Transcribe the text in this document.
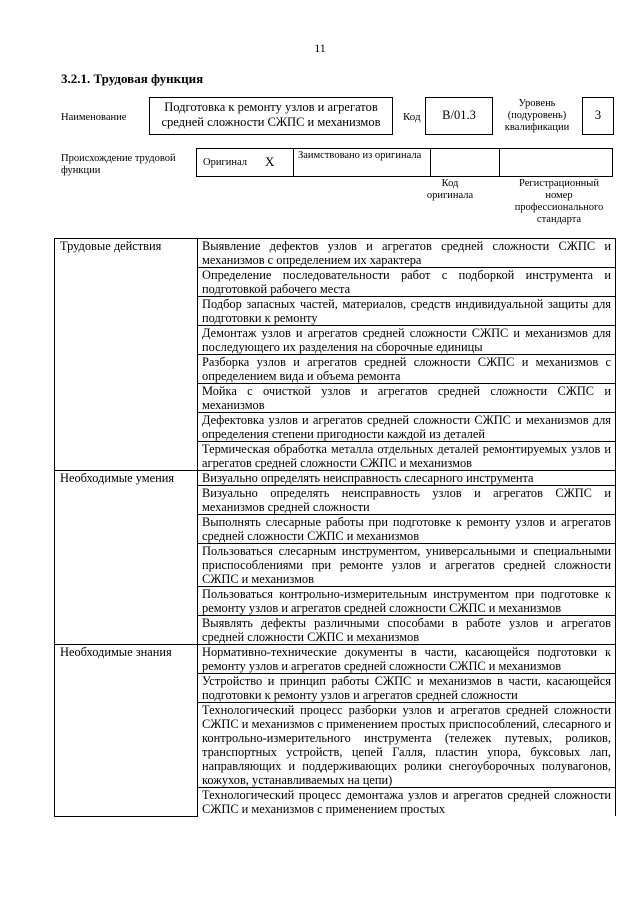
11
3.2.1. Трудовая функция
Наименование
Подготовка к ремонту узлов и агрегатов средней сложности СЖПС и механизмов	Код	В/01.3
Уровень (подуровень) квалификации
3
Происхождение трудовой функции
Оригинал X Заимствовано из оригинала
Код оригинала
Регистрационный номер профессионального стандарта
Трудовые действия	Выявление дефектов узлов и агрегатов средней сложности СЖПС и механизмов с определением их характера
	Определение последовательности работ с подборкой инструмента и подготовкой рабочего места
	Подбор запасных частей, материалов, средств индивидуальной защиты для подготовки к ремонту
	Демонтаж узлов и агрегатов средней сложности СЖПС и механизмов для последующего их разделения на сборочные единицы
	Разборка узлов и агрегатов средней сложности СЖПС и механизмов с определением вида и объема ремонта
	Мойка с очисткой узлов и агрегатов средней сложности СЖПС и механизмов
	Дефектовка узлов и агрегатов средней сложности СЖПС и механизмов для определения степени пригодности каждой из деталей
	Термическая обработка металла отдельных деталей ремонтируемых узлов и агрегатов средней сложности СЖПС и механизмов
Необходимые умения	Визуально определять неисправность слесарного инструмента
	Визуально определять неисправность узлов и агрегатов СЖПС и механизмов средней сложности
	Выполнять слесарные работы при подготовке к ремонту узлов и агрегатов средней сложности СЖПС и механизмов
	Пользоваться слесарным инструментом, универсальными и специальными приспособлениями при ремонте узлов и агрегатов средней сложности СЖПС и механизмов
	Пользоваться контрольно-измерительным инструментом при подготовке к ремонту узлов и агрегатов средней сложности СЖПС и механизмов
	Выявлять дефекты различными способами в работе узлов и агрегатов средней сложности СЖПС и механизмов
Необходимые знания	Нормативно-технические документы в части, касающейся подготовки к ремонту узлов и агрегатов средней сложности СЖПС и механизмов
	Устройство и принцип работы СЖПС и механизмов в части, касающейся подготовки к ремонту узлов и агрегатов средней сложности
	Технологический процесс разборки узлов и агрегатов средней сложности СЖПС и механизмов с применением простых приспособлений, слесарного и контрольно-измерительного инструмента (тележек путевых, роликов, транспортных устройств, цепей Галля, пластин упора, буксовых лап, направляющих и поддерживающих ролики снегоуборочных полувагонов, кожухов, устанавливаемых на цепи)
	Технологический процесс демонтажа узлов и агрегатов средней сложности СЖПС и механизмов с применением простых
